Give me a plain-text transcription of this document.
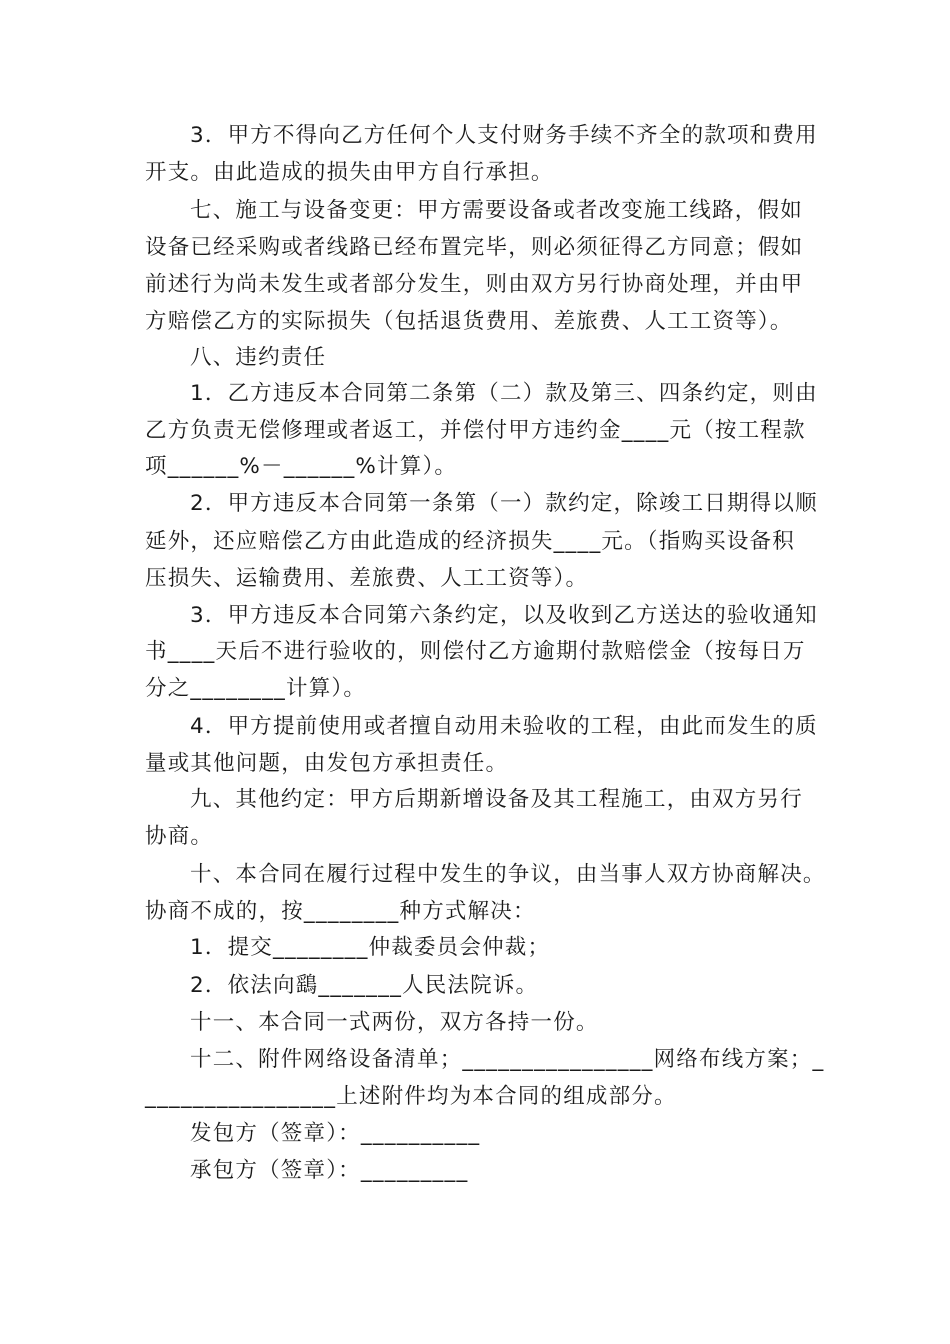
3．甲方不得向乙方任何个人支付财务手续不齐全的款项和费用
开支。由此造成的损失由甲方自行承担。
七、施工与设备变更：甲方需要设备或者改变施工线路，假如
设备已经采购或者线路已经布置完毕，则必须征得乙方同意；假如
前述行为尚未发生或者部分发生，则由双方另行协商处理，并由甲
方赔偿乙方的实际损失（包括退货费用、差旅费、人工工资等）。
八、违约责任
1．乙方违反本合同第二条第（二）款及第三、四条约定，则由
乙方负责无偿修理或者返工，并偿付甲方违约金____元（按工程款
项______%－______%计算）。
2．甲方违反本合同第一条第（一）款约定，除竣工日期得以顺
延外，还应赔偿乙方由此造成的经济损失____元。（指购买设备积
压损失、运输费用、差旅费、人工工资等）。
3．甲方违反本合同第六条约定，以及收到乙方送达的验收通知
书____天后不进行验收的，则偿付乙方逾期付款赔偿金（按每日万
分之________计算）。
4．甲方提前使用或者擅自动用未验收的工程，由此而发生的质
量或其他问题，由发包方承担责任。
九、其他约定：甲方后期新增设备及其工程施工，由双方另行
协商。
十、本合同在履行过程中发生的争议，由当事人双方协商解决。
协商不成的，按________种方式解决：
1．提交________仲裁委员会仲裁；
2．依法向鷂_______人民法院诉。
十一、本合同一式两份，双方各持一份。
十二、附件网络设备清单；________________网络布线方案；_
________________上述附件均为本合同的组成部分。
发包方（签章）：__________
承包方（签章）：_________
